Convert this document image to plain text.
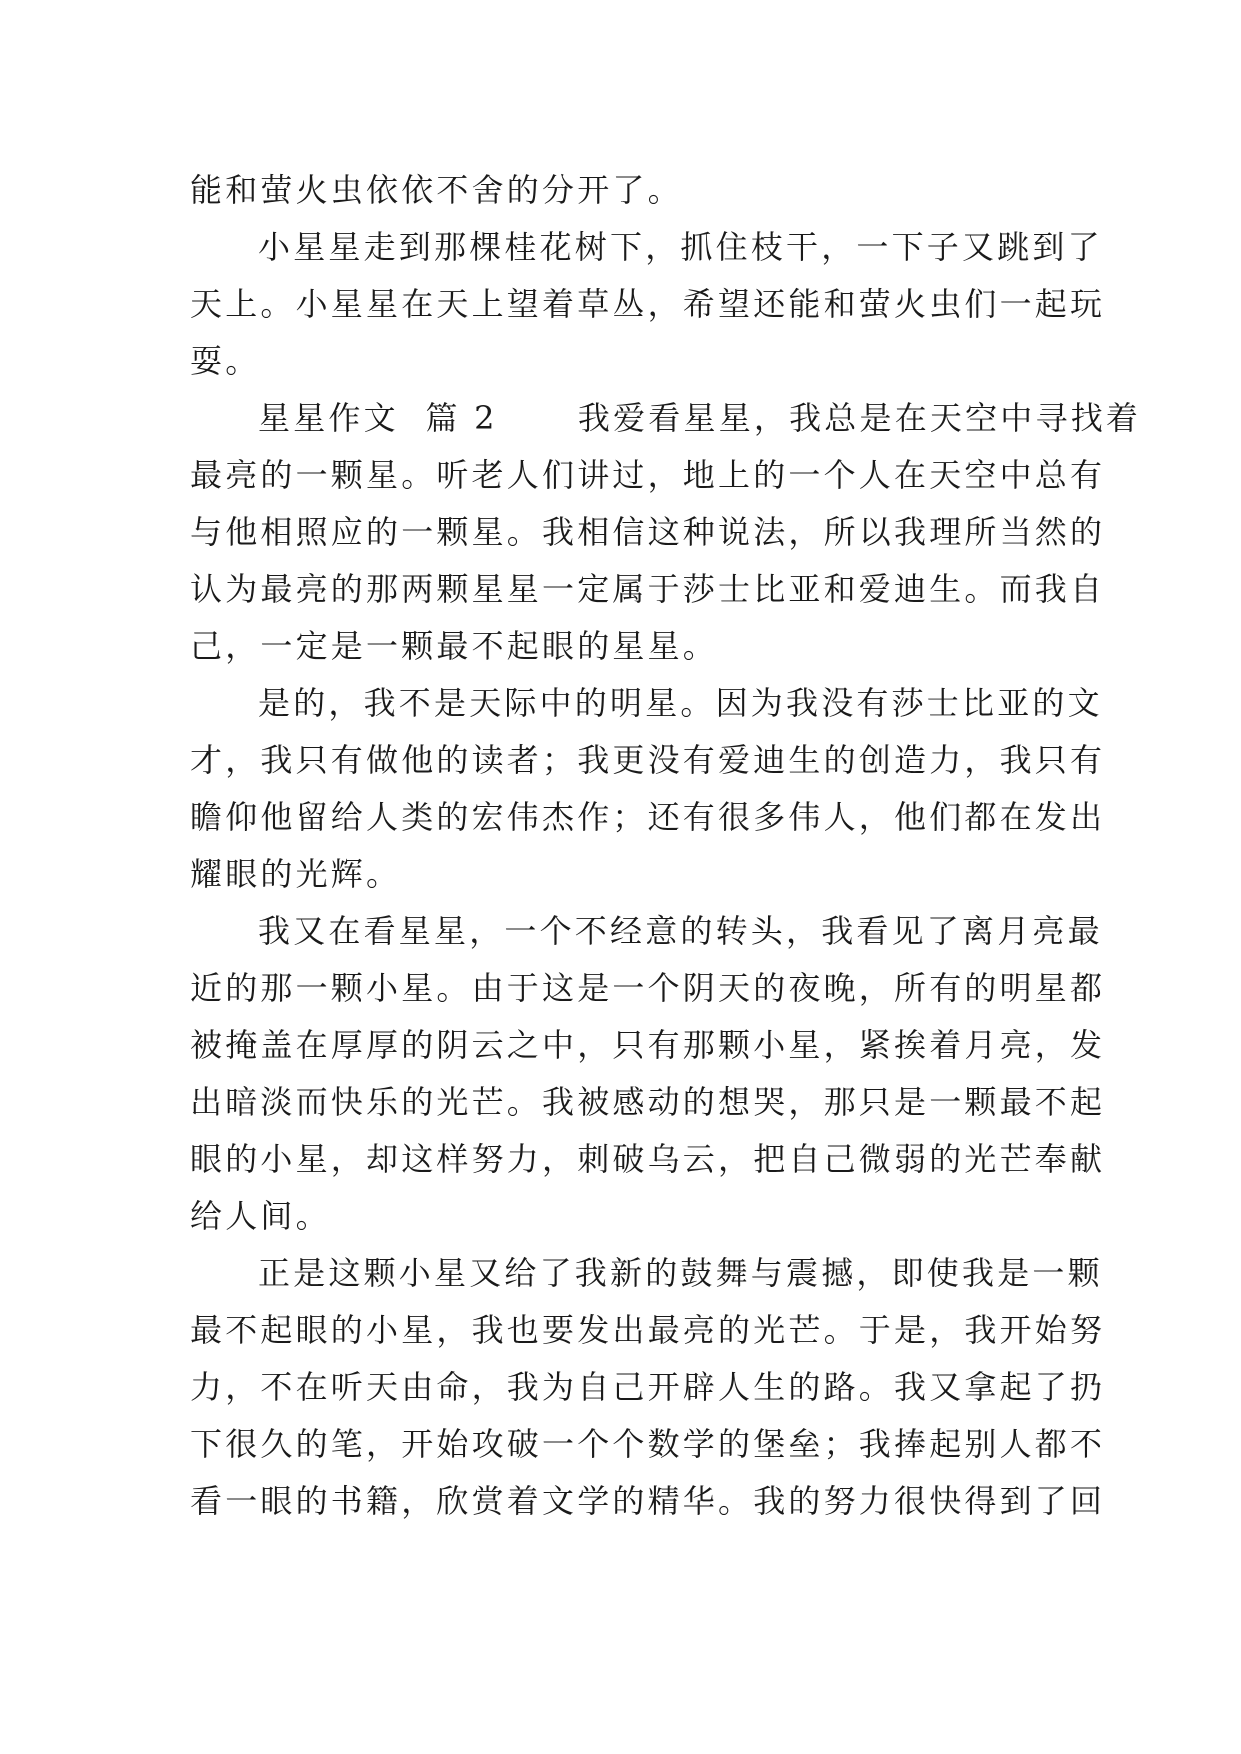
能和萤火虫依依不舍的分开了。
小星星走到那棵桂花树下，抓住枝干，一下子又跳到了
天上。小星星在天上望着草丛，希望还能和萤火虫们一起玩
耍。
星星作文  篇 2      我爱看星星，我总是在天空中寻找着
最亮的一颗星。听老人们讲过，地上的一个人在天空中总有
与他相照应的一颗星。我相信这种说法，所以我理所当然的
认为最亮的那两颗星星一定属于莎士比亚和爱迪生。而我自
己，一定是一颗最不起眼的星星。
是的，我不是天际中的明星。因为我没有莎士比亚的文
才，我只有做他的读者；我更没有爱迪生的创造力，我只有
瞻仰他留给人类的宏伟杰作；还有很多伟人，他们都在发出
耀眼的光辉。
我又在看星星，一个不经意的转头，我看见了离月亮最
近的那一颗小星。由于这是一个阴天的夜晚，所有的明星都
被掩盖在厚厚的阴云之中，只有那颗小星，紧挨着月亮，发
出暗淡而快乐的光芒。我被感动的想哭，那只是一颗最不起
眼的小星，却这样努力，刺破乌云，把自己微弱的光芒奉献
给人间。
正是这颗小星又给了我新的鼓舞与震撼，即使我是一颗
最不起眼的小星，我也要发出最亮的光芒。于是，我开始努
力，不在听天由命，我为自己开辟人生的路。我又拿起了扔
下很久的笔，开始攻破一个个数学的堡垒；我捧起别人都不
看一眼的书籍，欣赏着文学的精华。我的努力很快得到了回
